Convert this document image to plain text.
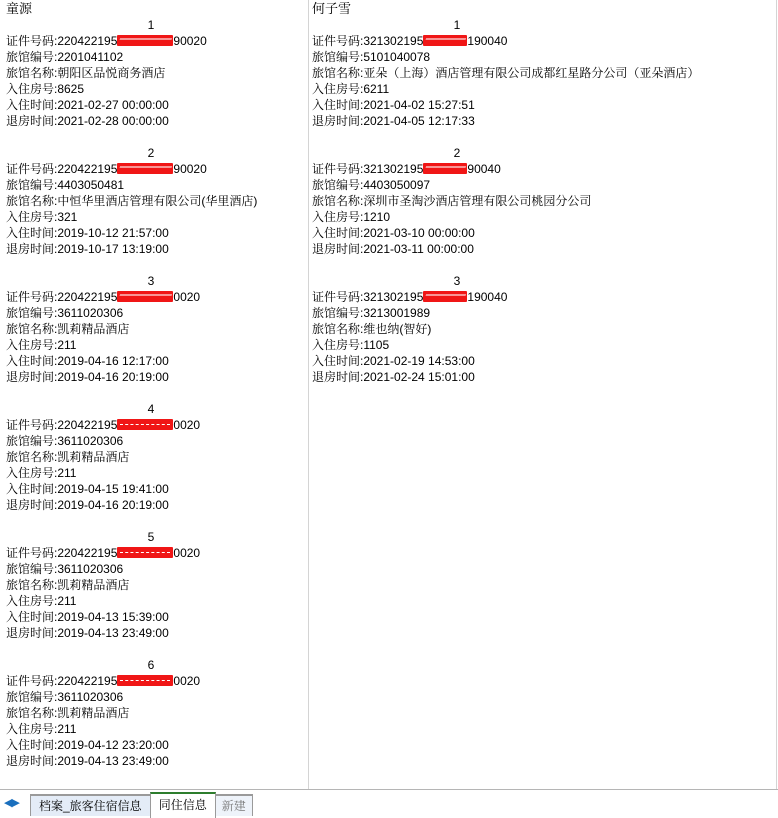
童源
1
证件号码:220422195	90020
旅馆编号:2201041102
旅馆名称:朝阳区品悦商务酒店
入住房号:8625
入住时间:2021-02-27 00:00:00
退房时间:2021-02-28 00:00:00
2
证件号码:220422195	90020
旅馆编号:4403050481
旅馆名称:中恒华里酒店管理有限公司(华里酒店)
入住房号:321
入住时间:2019-10-12 21:57:00
退房时间:2019-10-17 13:19:00
3
证件号码:220422195	0020
旅馆编号:3611020306
旅馆名称:凯莉精品酒店
入住房号:211
入住时间:2019-04-16 12:17:00
退房时间:2019-04-16 20:19:00
4
证件号码:220422195	0020
旅馆编号:3611020306
旅馆名称:凯莉精品酒店
入住房号:211
入住时间:2019-04-15 19:41:00
退房时间:2019-04-16 20:19:00
5
证件号码:220422195	0020
旅馆编号:3611020306
旅馆名称:凯莉精品酒店
入住房号:211
入住时间:2019-04-13 15:39:00
退房时间:2019-04-13 23:49:00
6
证件号码:220422195	0020
旅馆编号:3611020306
旅馆名称:凯莉精品酒店
入住房号:211
入住时间:2019-04-12 23:20:00
退房时间:2019-04-13 23:49:00
何子雪
1
证件号码:321302195	190040
旅馆编号:5101040078
旅馆名称:亚朵（上海）酒店管理有限公司成都红星路分公司（亚朵酒店）
入住房号:6211
入住时间:2021-04-02 15:27:51
退房时间:2021-04-05 12:17:33
2
证件号码:321302195	90040
旅馆编号:4403050097
旅馆名称:深圳市圣淘沙酒店管理有限公司桃园分公司
入住房号:1210
入住时间:2021-03-10 00:00:00
退房时间:2021-03-11 00:00:00
3
证件号码:321302195	190040
旅馆编号:3213001989
旅馆名称:维也纳(智好)
入住房号:1105
入住时间:2021-02-19 14:53:00
退房时间:2021-02-24 15:01:00
◀▶	档案_旅客住宿信息	同住信息	新建
